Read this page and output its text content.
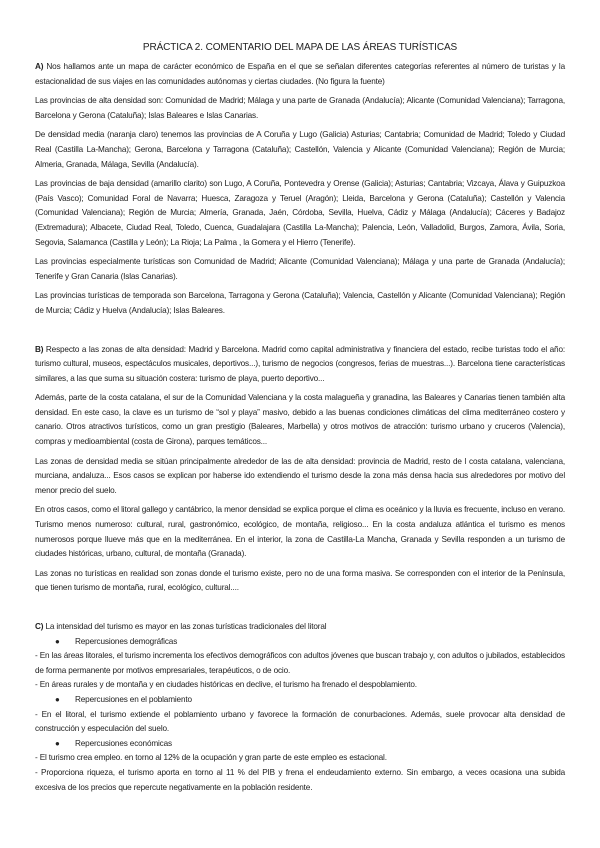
PRÁCTICA 2. COMENTARIO DEL MAPA DE LAS ÁREAS TURÍSTICAS

A) Nos hallamos ante un mapa de carácter económico de España en el que se señalan diferentes categorías referentes al número de turistas y la estacionalidad de sus viajes en las comunidades autónomas y ciertas ciudades. (No figura la fuente)

Las provincias de alta densidad son: Comunidad de Madrid; Málaga y una parte de Granada (Andalucía); Alicante (Comunidad Valenciana); Tarragona, Barcelona y Gerona (Cataluña); Islas Baleares e Islas Canarias.

De densidad media (naranja claro) tenemos las provincias de A Coruña y Lugo (Galicia) Asturias; Cantabria; Comunidad de Madrid; Toledo y Ciudad Real (Castilla La-Mancha); Gerona, Barcelona y Tarragona (Cataluña); Castellón, Valencia y Alicante (Comunidad Valenciana); Región de Murcia; Almeria, Granada, Málaga, Sevilla (Andalucía).

Las provincias de baja densidad (amarillo clarito) son Lugo, A Coruña, Pontevedra y Orense (Galicia); Asturias; Cantabria; Vizcaya, Álava y Guipuzkoa (País Vasco); Comunidad Foral de Navarra; Huesca, Zaragoza y Teruel (Aragón); Lleida, Barcelona y Gerona (Cataluña); Castellón y Valencia (Comunidad Valenciana); Región de Murcia; Almería, Granada, Jaén, Córdoba, Sevilla, Huelva, Cádiz y Málaga (Andalucía); Cáceres y Badajoz (Extremadura); Albacete, Ciudad Real, Toledo, Cuenca, Guadalajara (Castilla La-Mancha); Palencia, León, Valladolid, Burgos, Zamora, Ávila, Soria, Segovia, Salamanca (Castilla y León); La Rioja; La Palma , la Gomera y el Hierro (Tenerife).

Las provincias especialmente turísticas son Comunidad de Madrid; Alicante (Comunidad Valenciana); Málaga y una parte de Granada (Andalucía); Tenerife y Gran Canaria (Islas Canarias).

Las provincias turísticas de temporada son Barcelona, Tarragona y Gerona (Cataluña); Valencia, Castellón y Alicante (Comunidad Valenciana); Región de Murcia; Cádiz y Huelva (Andalucía); Islas Baleares.

B) Respecto a las zonas de alta densidad: Madrid y Barcelona. Madrid como capital administrativa y financiera del estado, recibe turistas todo el año: turismo cultural, museos, espectáculos musicales, deportivos...), turismo de negocios (congresos, ferias de muestras...). Barcelona tiene características similares, a las que suma su situación costera: turismo de playa, puerto deportivo...

Además, parte de la costa catalana, el sur de la Comunidad Valenciana y la costa malagueña y granadina, las Baleares y Canarias tienen también alta densidad. En este caso, la clave es un turismo de “sol y playa” masivo, debido a las buenas condiciones climáticas del clima mediterráneo costero y canario. Otros atractivos turísticos, como un gran prestigio (Baleares, Marbella) y otros motivos de atracción: turismo urbano y cruceros (Valencia), compras y medioambiental (costa de Girona), parques temáticos...

Las zonas de densidad media se sitúan principalmente alrededor de las de alta densidad: provincia de Madrid, resto de l costa catalana, valenciana, murciana, andaluza... Esos casos se explican por haberse ido extendiendo el turismo desde la zona más densa hacia sus alrededores por motivo del menor precio del suelo.

En otros casos, como el litoral gallego y cantábrico, la menor densidad se explica porque el clima es oceánico y la lluvia es frecuente, incluso en verano. Turismo menos numeroso: cultural, rural, gastronómico, ecológico, de montaña, religioso... En la costa andaluza atlántica el turismo es menos numerosos porque llueve más que en la mediterránea. En el interior, la zona de Castilla-La Mancha, Granada y Sevilla responden a un turismo de ciudades históricas, urbano, cultural, de montaña (Granada).

Las zonas no turísticas en realidad son zonas donde el turismo existe, pero no de una forma masiva. Se corresponden con el interior de la Península, que tienen turismo de montaña, rural, ecológico, cultural....

C) La intensidad del turismo es mayor en las zonas turísticas tradicionales del litoral

●	Repercusiones demográficas

- En las áreas litorales, el turismo incrementa los efectivos demográficos con adultos jóvenes que buscan trabajo y, con adultos o jubilados, establecidos de forma permanente por motivos empresariales, terapéuticos, o de ocio.

- En áreas rurales y de montaña y en ciudades históricas en declive, el turismo ha frenado el despoblamiento.

●	Repercusiones en el poblamiento

- En el litoral, el turismo extiende el poblamiento urbano y favorece la formación de conurbaciones. Además, suele provocar alta densidad de construcción y especulación del suelo.

●	Repercusiones económicas

- El turismo crea empleo. en torno al 12% de la ocupación y gran parte de este empleo es estacional.

- Proporciona riqueza, el turismo aporta en torno al 11 % del PIB y frena el endeudamiento externo. Sin embargo, a veces ocasiona una subida excesiva de los precios que repercute negativamente en la población residente.
